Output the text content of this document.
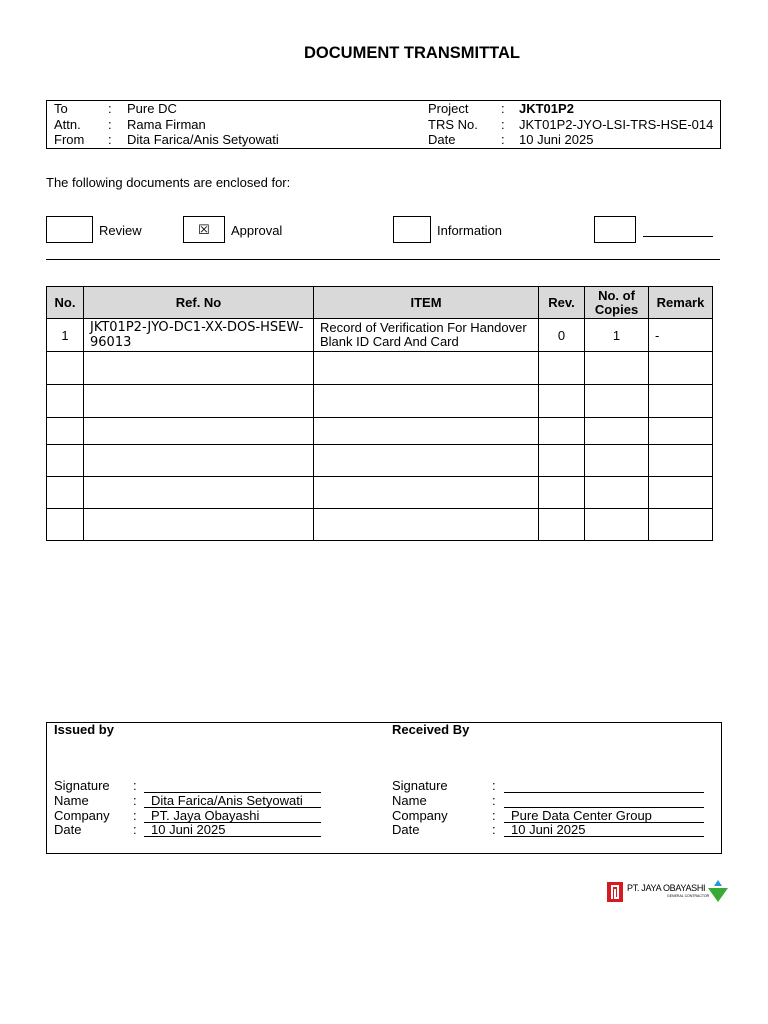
DOCUMENT TRANSMITTAL
To	: Pure DC	Project	: JKT01P2
Attn. : Rama Firman	TRS No. : JKT01P2-JYO-LSI-TRS-HSE-014
From : Dita Farica/Anis Setyowati	Date	: 10 Juni 2025
The following documents are enclosed for:
Review	☒	Approval	Information
No.	Ref. No	ITEM	Rev.	No. of Copies	Remark
1	JKT01P2-JYO-DC1-XX-DOS-HSEW-96013	Record of Verification For Handover Blank ID Card And Card	0	1	-

Issued by	Received By
Signature :
Name	:	Dita Farica/Anis Setyowati
Company :	PT. Jaya Obayashi
Date	:	10 Juni 2025
Signature	:
Name	:
Company	:	Pure Data Center Group
Date	:	10 Juni 2025
PT. JAYA OBAYASHI
GENERAL CONTRACTOR
